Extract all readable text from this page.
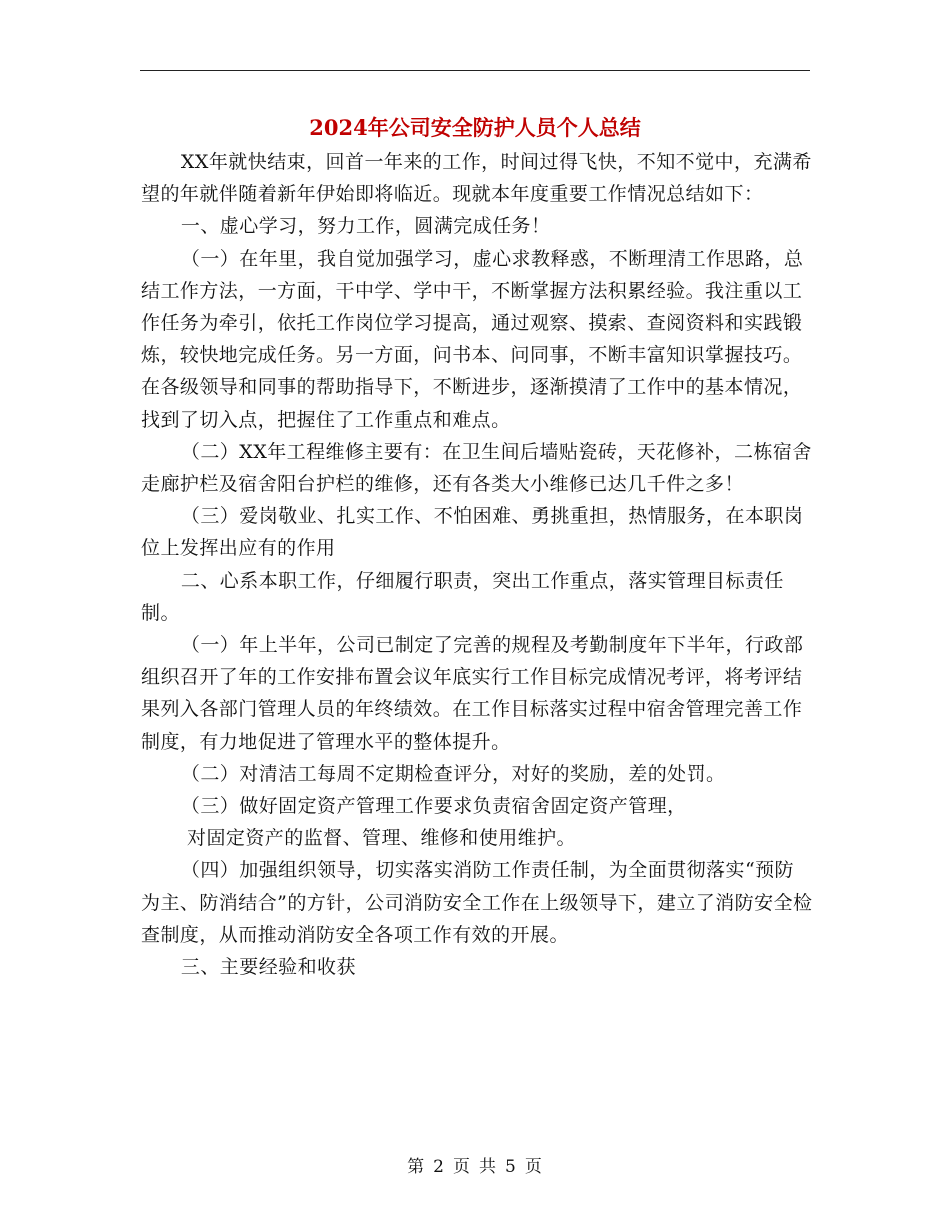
2024年公司安全防护人员个人总结

XX年就快结束，回首一年来的工作，时间过得飞快，不知不觉中，充满希望的年就伴随着新年伊始即将临近。现就本年度重要工作情况总结如下：

一、虚心学习，努力工作，圆满完成任务！

（一）在年里，我自觉加强学习，虚心求教释惑，不断理清工作思路，总结工作方法，一方面，干中学、学中干，不断掌握方法积累经验。我注重以工作任务为牵引，依托工作岗位学习提高，通过观察、摸索、查阅资料和实践锻炼，较快地完成任务。另一方面，问书本、问同事，不断丰富知识掌握技巧。在各级领导和同事的帮助指导下，不断进步，逐渐摸清了工作中的基本情况，找到了切入点，把握住了工作重点和难点。

（二）XX年工程维修主要有：在卫生间后墙贴瓷砖，天花修补，二栋宿舍走廊护栏及宿舍阳台护栏的维修，还有各类大小维修已达几千件之多！

（三）爱岗敬业、扎实工作、不怕困难、勇挑重担，热情服务，在本职岗位上发挥出应有的作用

二、心系本职工作，仔细履行职责，突出工作重点，落实管理目标责任制。

（一）年上半年，公司已制定了完善的规程及考勤制度年下半年，行政部组织召开了年的工作安排布置会议年底实行工作目标完成情况考评，将考评结果列入各部门管理人员的年终绩效。在工作目标落实过程中宿舍管理完善工作制度，有力地促进了管理水平的整体提升。

（二）对清洁工每周不定期检查评分，对好的奖励，差的处罚。

（三）做好固定资产管理工作要求负责宿舍固定资产管理，

对固定资产的监督、管理、维修和使用维护。

（四）加强组织领导，切实落实消防工作责任制，为全面贯彻落实“预防为主、防消结合”的方针，公司消防安全工作在上级领导下，建立了消防安全检查制度，从而推动消防安全各项工作有效的开展。

三、主要经验和收获

第 2 页 共 5 页
